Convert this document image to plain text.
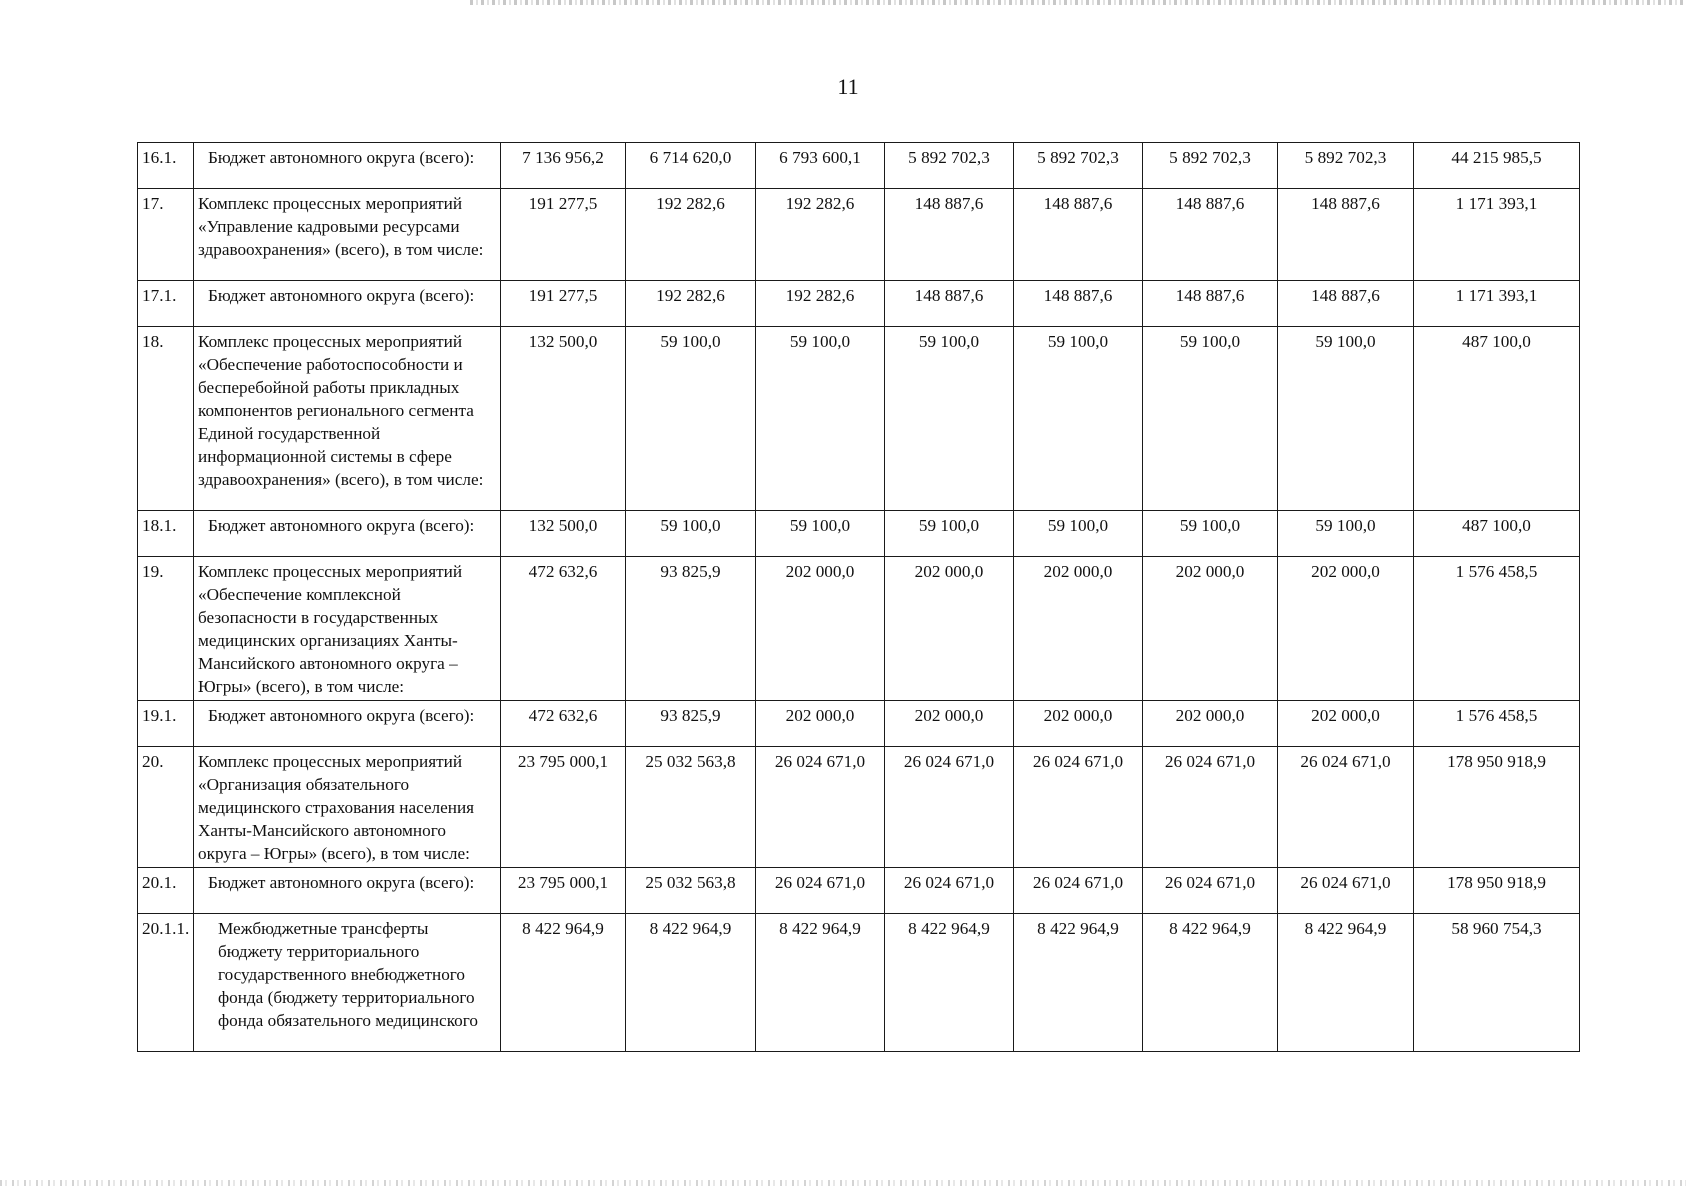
11
16.1.	Бюджет автономного округа (всего):	7 136 956,2	6 714 620,0	6 793 600,1	5 892 702,3	5 892 702,3	5 892 702,3	5 892 702,3	44 215 985,5
17.	Комплекс процессных мероприятий «Управление кадровыми ресурсами здравоохранения» (всего), в том числе:	191 277,5	192 282,6	192 282,6	148 887,6	148 887,6	148 887,6	148 887,6	1 171 393,1
17.1.	Бюджет автономного округа (всего):	191 277,5	192 282,6	192 282,6	148 887,6	148 887,6	148 887,6	148 887,6	1 171 393,1
18.	Комплекс процессных мероприятий «Обеспечение работоспособности и бесперебойной работы прикладных компонентов регионального сегмента Единой государственной информационной системы в сфере здравоохранения» (всего), в том числе:	132 500,0	59 100,0	59 100,0	59 100,0	59 100,0	59 100,0	59 100,0	487 100,0
18.1.	Бюджет автономного округа (всего):	132 500,0	59 100,0	59 100,0	59 100,0	59 100,0	59 100,0	59 100,0	487 100,0
19.	Комплекс процессных мероприятий «Обеспечение комплексной безопасности в государственных медицинских организациях Ханты-Мансийского автономного округа – Югры» (всего), в том числе:	472 632,6	93 825,9	202 000,0	202 000,0	202 000,0	202 000,0	202 000,0	1 576 458,5
19.1.	Бюджет автономного округа (всего):	472 632,6	93 825,9	202 000,0	202 000,0	202 000,0	202 000,0	202 000,0	1 576 458,5
20.	Комплекс процессных мероприятий «Организация обязательного медицинского страхования населения Ханты-Мансийского автономного округа – Югры» (всего), в том числе:	23 795 000,1	25 032 563,8	26 024 671,0	26 024 671,0	26 024 671,0	26 024 671,0	26 024 671,0	178 950 918,9
20.1.	Бюджет автономного округа (всего):	23 795 000,1	25 032 563,8	26 024 671,0	26 024 671,0	26 024 671,0	26 024 671,0	26 024 671,0	178 950 918,9
20.1.1.	Межбюджетные трансферты бюджету территориального государственного внебюджетного фонда (бюджету территориального фонда обязательного медицинского	8 422 964,9	8 422 964,9	8 422 964,9	8 422 964,9	8 422 964,9	8 422 964,9	8 422 964,9	58 960 754,3
